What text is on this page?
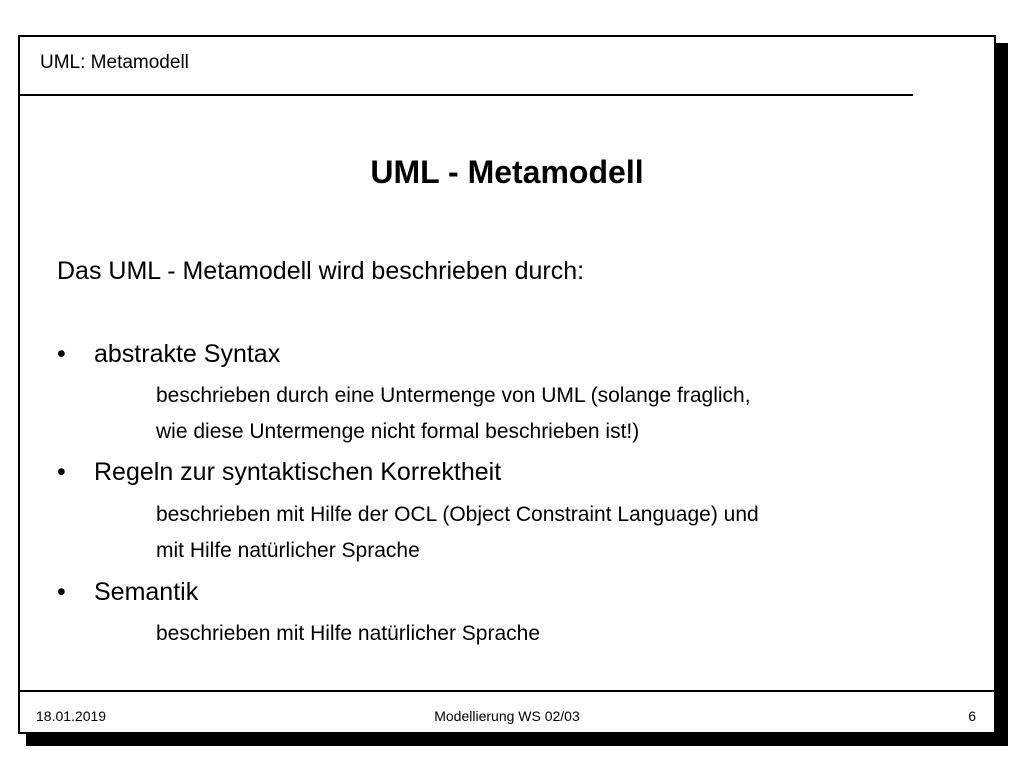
UML: Metamodell
UML - Metamodell
Das UML - Metamodell wird beschrieben durch:
• abstrakte Syntax
beschrieben durch eine Untermenge von UML (solange fraglich,
wie diese Untermenge nicht formal beschrieben ist!)
• Regeln zur syntaktischen Korrektheit
beschrieben mit Hilfe der OCL (Object Constraint Language) und
mit Hilfe natürlicher Sprache
• Semantik
beschrieben mit Hilfe natürlicher Sprache
18.01.2019	Modellierung WS 02/03	6
